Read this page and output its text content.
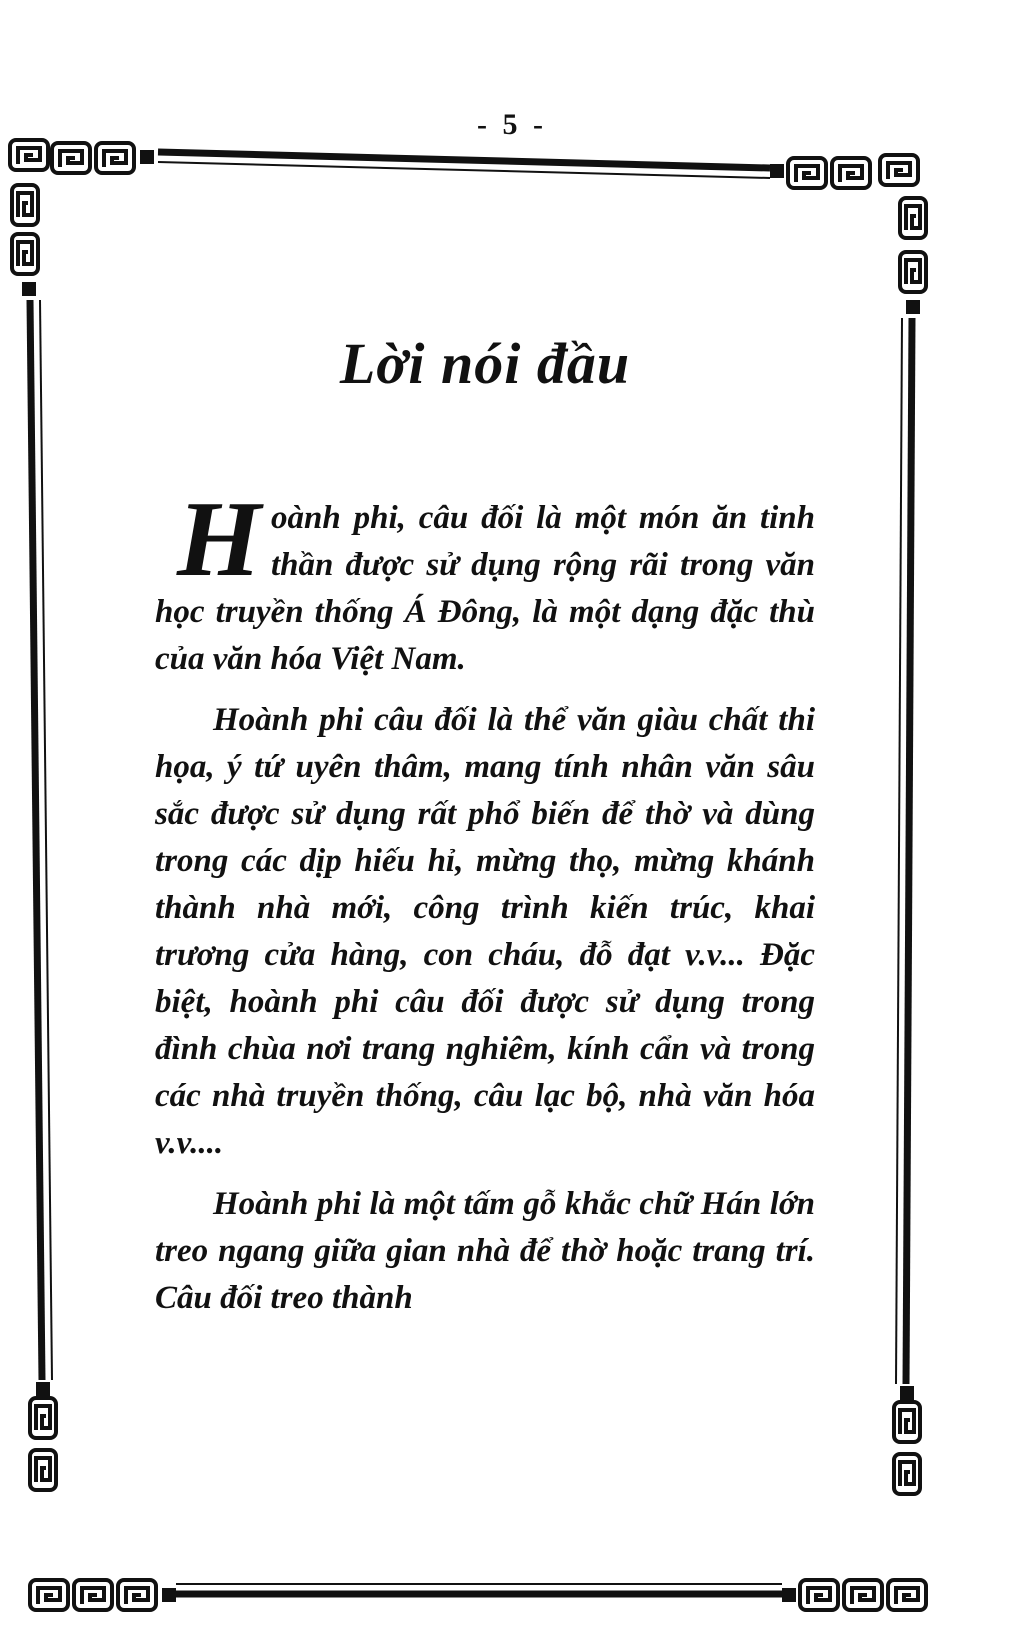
- 5 -
Lời nói đầu

Hoành phi, câu đối là một món ăn tinh thần được sử dụng rộng rãi trong văn học truyền thống Á Đông, là một dạng đặc thù của văn hóa Việt Nam.

Hoành phi câu đối là thể văn giàu chất thi họa, ý tứ uyên thâm, mang tính nhân văn sâu sắc được sử dụng rất phổ biến để thờ và dùng trong các dịp hiếu hỉ, mừng thọ, mừng khánh thành nhà mới, công trình kiến trúc, khai trương cửa hàng, con cháu, đỗ đạt v.v... Đặc biệt, hoành phi câu đối được sử dụng trong đình chùa nơi trang nghiêm, kính cẩn và trong các nhà truyền thống, câu lạc bộ, nhà văn hóa v.v....

Hoành phi là một tấm gỗ khắc chữ Hán lớn treo ngang giữa gian nhà để thờ hoặc trang trí. Câu đối treo thành
